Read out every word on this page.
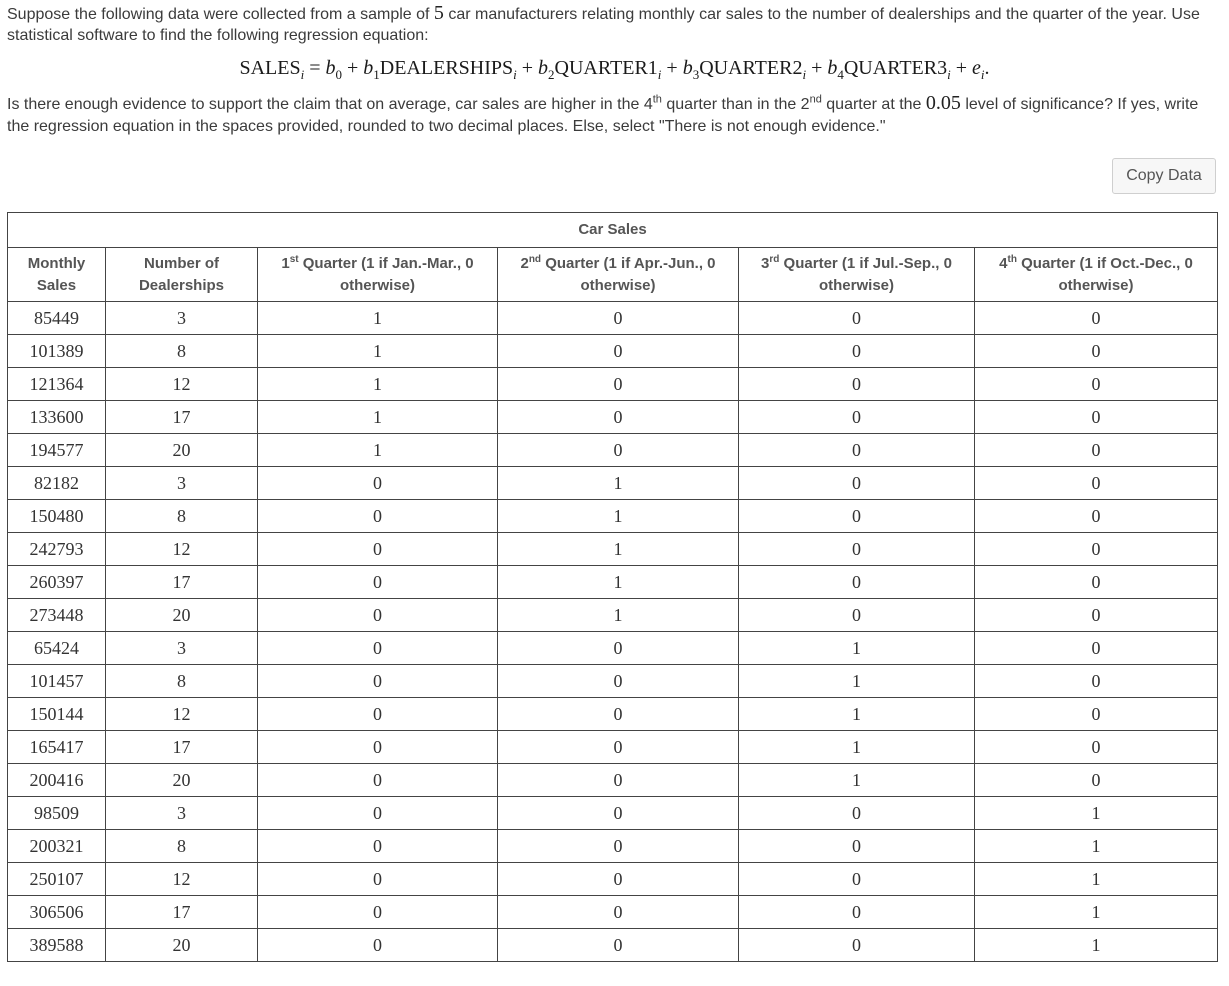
Suppose the following data were collected from a sample of 5 car manufacturers relating monthly car sales to the number of dealerships and the quarter of the year. Use statistical software to find the following regression equation:
$SALES_i = b_0$ + $b_1DEALERSHIPS_i$ + $b_2QUARTER1_i$ + $b_3QUARTER2_i$ + $b_4QUARTER3_i + e_i$.
Is there enough evidence to support the claim that on average, car sales are higher in the 4th quarter than in the 2nd quarter at the 0.05 level of significance? If yes, write the regression equation in the spaces provided, rounded to two decimal places. Else, select "There is not enough evidence."
Copy Data
Car Sales					
Monthly Sales	Number of Dealerships	1st Quarter (1 if Jan.-Mar., 0 otherwise)	2nd Quarter (1 if Apr.-Jun., 0 otherwise)	3rd Quarter (1 if Jul.-Sep., 0 otherwise)	4th Quarter (1 if Oct.-Dec., 0 otherwise)
85449	3	1	0	0	0
101389	8	1	0	0	0
121364	12	1	0	0	0
133600	17	1	0	0	0
194577	20	1	0	0	0
82182	3	0	1	0	0
150480	8	0	1	0	0
242793	12	0	1	0	0
260397	17	0	1	0	0
273448	20	0	1	0	0
65424	3	0	0	1	0
101457	8	0	0	1	0
150144	12	0	0	1	0
165417	17	0	0	1	0
200416	20	0	0	1	0
98509	3	0	0	0	1
200321	8	0	0	0	1
250107	12	0	0	0	1
306506	17	0	0	0	1
389588	20	0	0	0	1
